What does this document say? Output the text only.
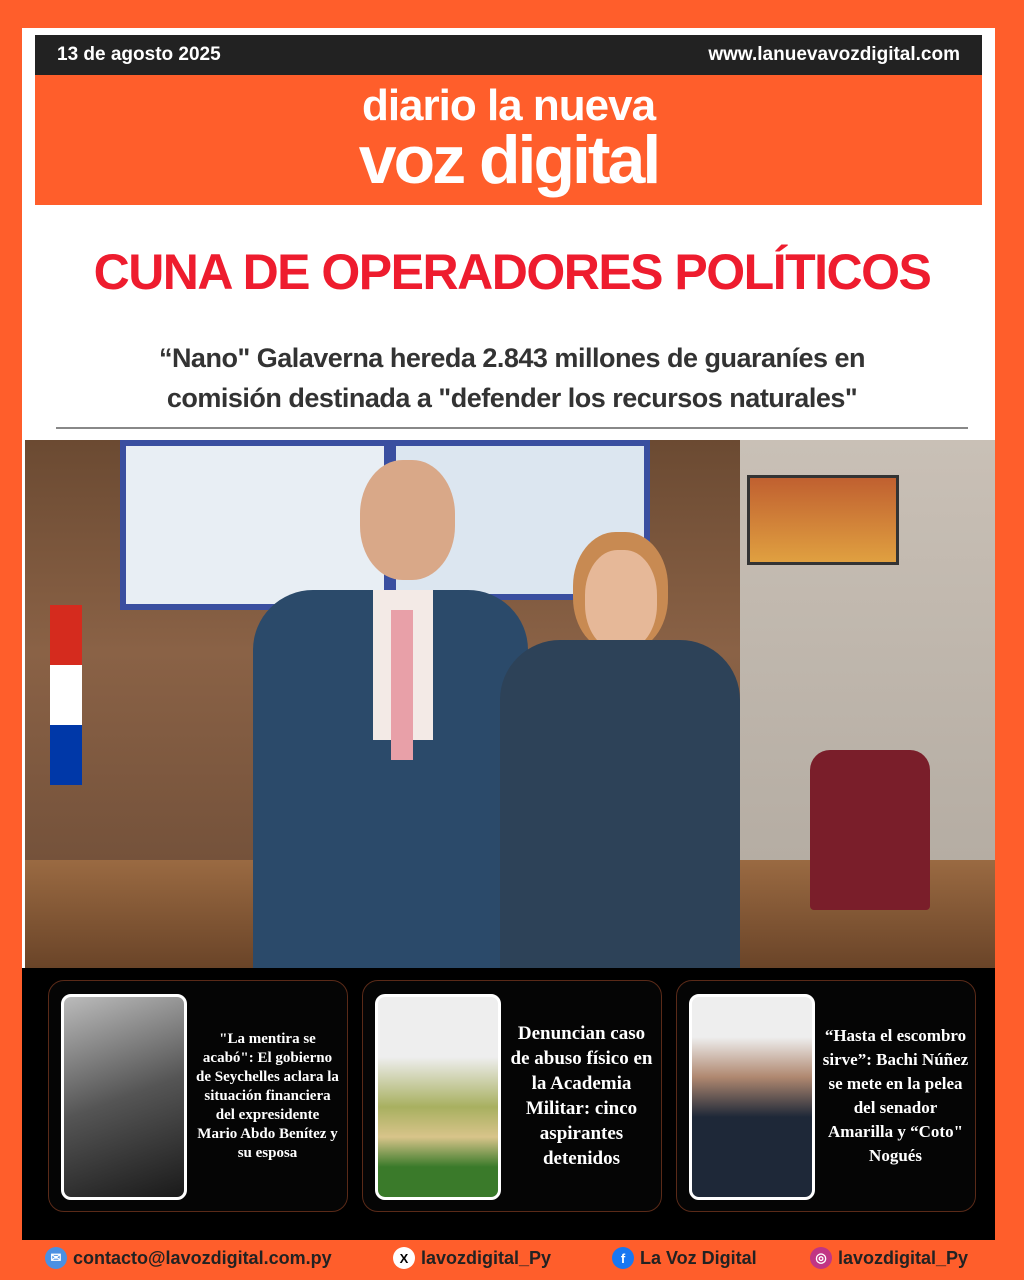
13 de agosto 2025	www.lanuevavozdigital.com
diario la nueva
voz digital
CUNA DE OPERADORES POLÍTICOS
“Nano" Galaverna hereda 2.843 millones de guaraníes en
comisión destinada a "defender los recursos naturales"
"La mentira se acabó": El gobierno de Seychelles aclara la situación financiera del expresidente Mario Abdo Benítez y su esposa
Denuncian caso de abuso físico en la Academia Militar: cinco aspirantes detenidos
“Hasta el escombro sirve”: Bachi Núñez se mete en la pelea del senador Amarilla y “Coto" Nogués
✉ contacto@lavozdigital.com.py	X lavozdigital_Py	f La Voz Digital	◎ lavozdigital_Py
